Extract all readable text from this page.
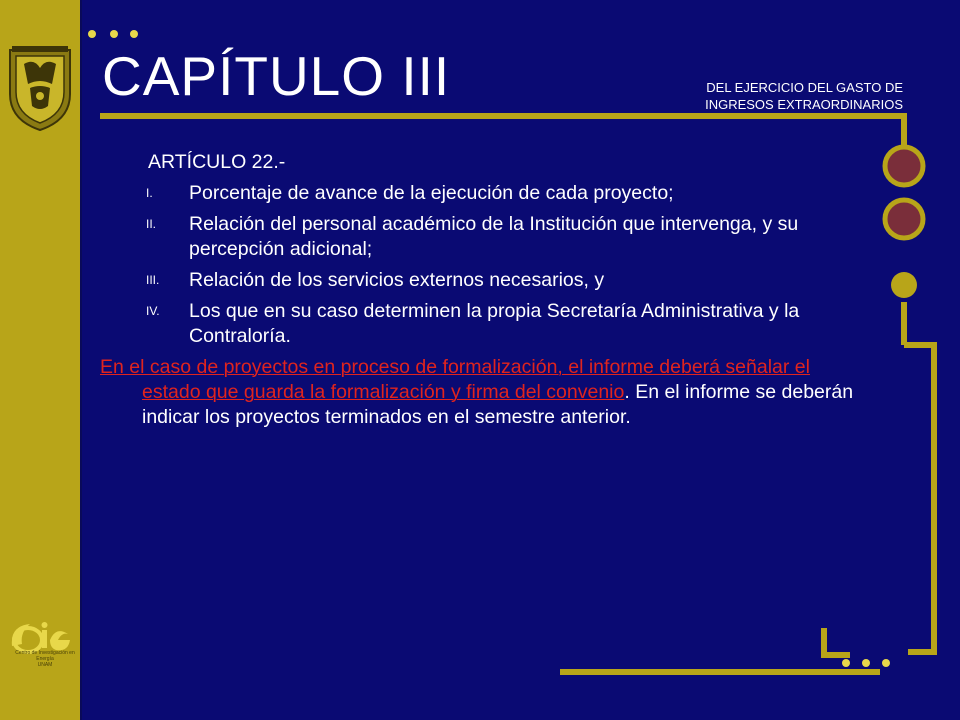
Centro de Investigación en Energía
UNAM
CAPÍTULO III	DEL EJERCICIO DEL GASTO DE
INGRESOS EXTRAORDINARIOS
ARTÍCULO 22.-
I. Porcentaje de avance de la ejecución de cada proyecto;
II. Relación del personal académico de la Institución que intervenga, y su percepción adicional;
III. Relación de los servicios externos necesarios, y
IV. Los que en su caso determinen la propia Secretaría Administrativa y la Contraloría.
En el caso de proyectos en proceso de formalización, el informe deberá señalar el estado que guarda la formalización y firma del convenio. En el informe se deberán indicar los proyectos terminados en el semestre anterior.
